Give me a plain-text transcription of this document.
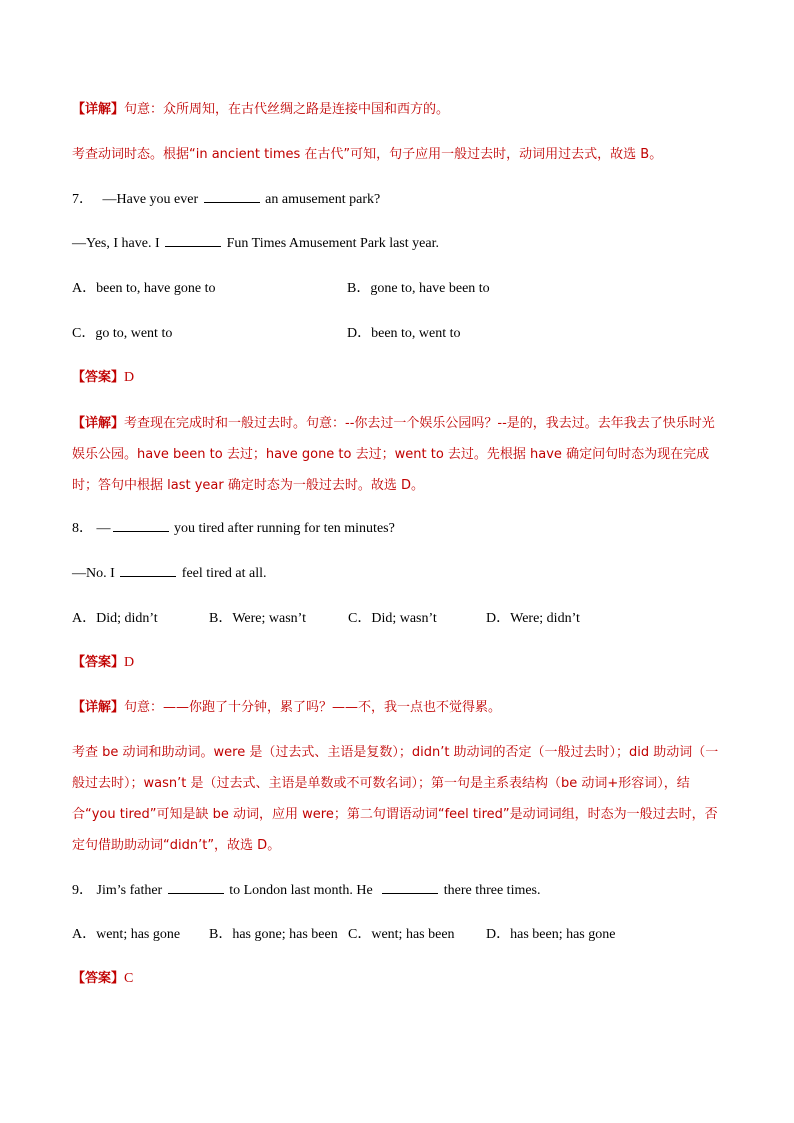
【详解】句意：众所周知，在古代丝绸之路是连接中国和西方的。
考查动词时态。根据“in ancient times 在古代”可知，句子应用一般过去时，动词用过去式，故选 B。
7． —Have you ever	an amusement park?
—Yes, I have. I	Fun Times Amusement Park last year.
A．been to, have gone to	B．gone to, have been to
C．go to, went to	D．been to, went to
【答案】D
【详解】考查现在完成时和一般过去时。句意：--你去过一个娱乐公园吗？--是的，我去过。去年我去了快乐时光娱乐公园。have been to 去过；have gone to 去过；went to 去过。先根据 have 确定问句时态为现在完成时；答句中根据 last year 确定时态为一般过去时。故选 D。
8． —	you tired after running for ten minutes?
—No. I	feel tired at all.
A．Did; didn’t	B．Were; wasn’t	C．Did; wasn’t	D．Were; didn’t
【答案】D
【详解】句意：——你跑了十分钟，累了吗？——不，我一点也不觉得累。
考查 be 动词和助动词。were 是（过去式、主语是复数）；didn’t 助动词的否定（一般过去时）；did 助动词（一般过去时）；wasn’t 是（过去式、主语是单数或不可数名词）；第一句是主系表结构（be 动词+形容词），结合“you tired”可知是缺 be 动词，应用 were；第二句谓语动词“feel tired”是动词词组，时态为一般过去时，否定句借助助动词“didn’t”，故选 D。
9． Jim’s father	to London last month. He	there three times.
A．went; has gone B．has gone; has been C．went; has been D．has been; has gone
【答案】C
